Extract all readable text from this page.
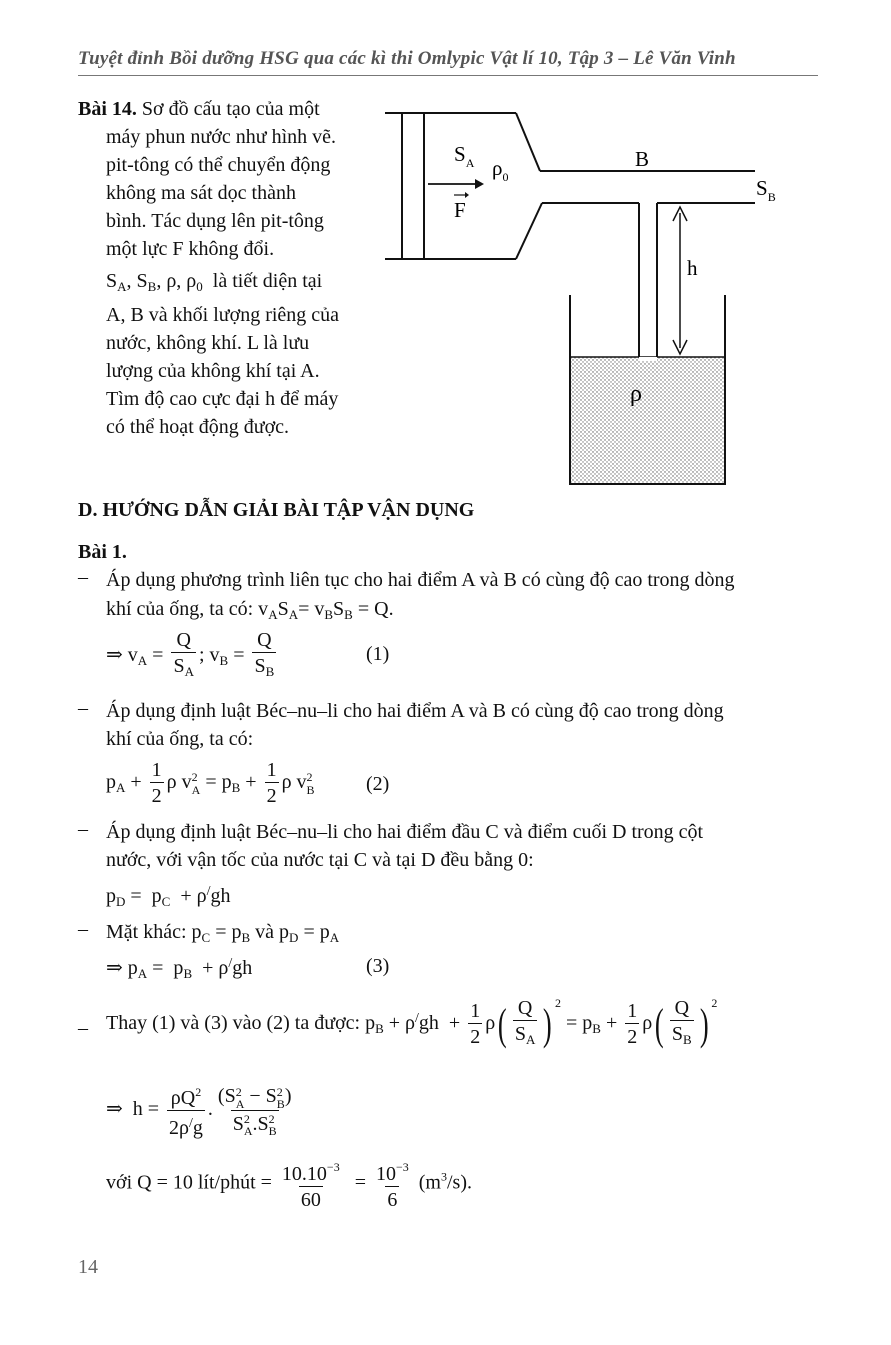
Tuyệt đỉnh Bồi dưỡng HSG qua các kì thi Omlypic Vật lí 10, Tập 3 – Lê Văn Vinh
Bài 14. Sơ đồ cấu tạo của một
máy phun nước như hình vẽ.
pit-tông có thể chuyển động
không ma sát dọc thành
bình. Tác dụng lên pit-tông
một lực F không đổi.
$S_A$, $S_B$, ρ, $\rho_0$ là tiết diện tại
A, B và khối lượng riêng của
nước, không khí. L là lưu
lượng của không khí tại A.
Tìm độ cao cực đại h để máy
có thể hoạt động được.
$S_A$ $\rho_0$
F
B
$S_B$
h
ρ
D. HƯỚNG DẪN GIẢI BÀI TẬP VẬN DỤNG
Bài 1.
– Áp dụng phương trình liên tục cho hai điểm A và B có cùng độ cao trong dòng
khí của ống, ta có: $v_AS_A= v_BS_B = Q$.
⇒ $v_A = \frac{Q}{S_A}$ ; $v_B = \frac{Q}{S_B}$	(1)
– Áp dụng định luật Béc–nu–li cho hai điểm A và B có cùng độ cao trong dòng
khí của ống, ta có:
$p_A + \frac{1}{2}$ ρ v 2
$A = p_B + \frac{1}{2}$ ρ v 2
B	(2)
– Áp dụng định luật Béc–nu–li cho hai điểm đầu C và điểm cuối D trong cột
nước, với vận tốc của nước tại C và tại D đều bằng 0:
$p_D = p_C + \rho^/gh$
– Mặt khác: $p_C = p_B$ và $p_D = p_A$
⇒ $p_A = p_B + \rho^/gh$	(3)
– Thay (1) và (3) vào (2) ta được: $p_B + \rho^/gh + \frac{1}{2} \rho( \frac{Q}{S_A}$ ) $^2 = p_B + \frac{1}{2} \rho( \frac{Q}{S_B}$ ) $^2$
⇒  $h = \frac{\rho Q^2}{2\rho^/g}$ . (S 2
A − S 2
B )
S 2
A .S 2
B
với Q = 10 lít/phút = $\frac{10.10^{-3}}{60} = \frac{10^{-3}}{6} (m^3/s)$.
14
